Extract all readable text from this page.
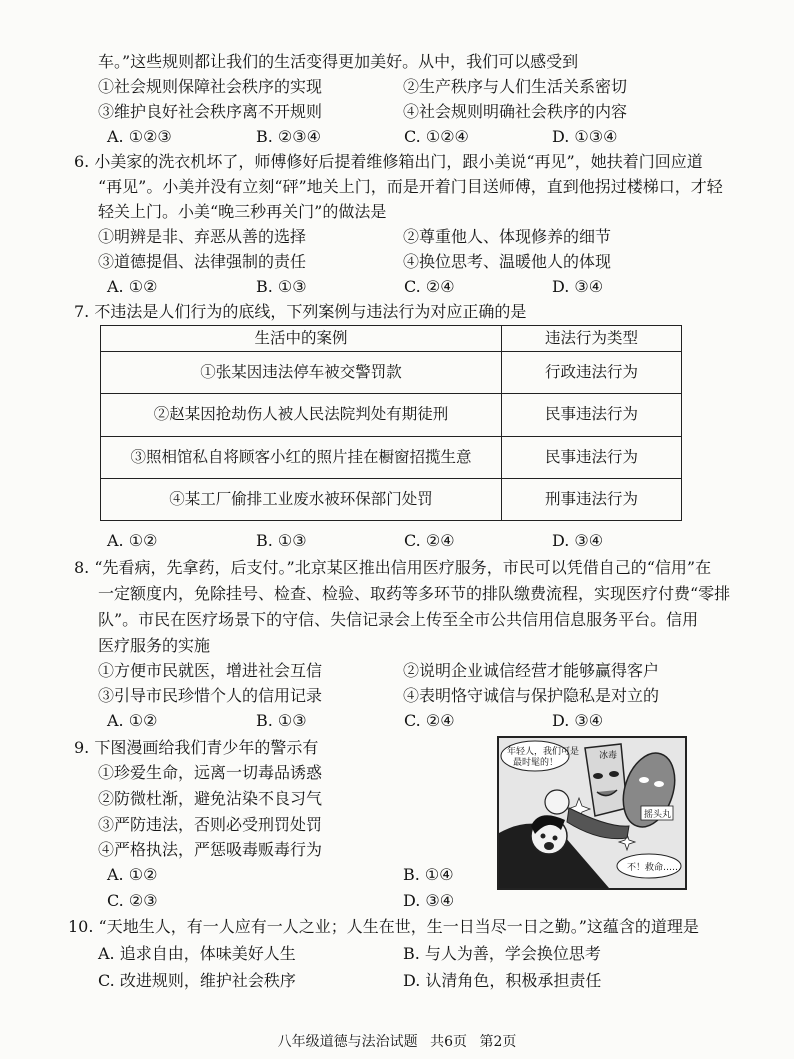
车。”这些规则都让我们的生活变得更加美好。从中，我们可以感受到
①社会规则保障社会秩序的实现	②生产秩序与人们生活关系密切
③维护良好社会秩序离不开规则	④社会规则明确社会秩序的内容
A. ①②③	B. ②③④	C. ①②④	D. ①③④
6. 小美家的洗衣机坏了，师傅修好后提着维修箱出门，跟小美说“再见”，她扶着门回应道
“再见”。小美并没有立刻“砰”地关上门，而是开着门目送师傅，直到他拐过楼梯口，才轻
轻关上门。小美“晚三秒再关门”的做法是
①明辨是非、弃恶从善的选择	②尊重他人、体现修养的细节
③道德提倡、法律强制的责任	④换位思考、温暖他人的体现
A. ①②	B. ①③	C. ②④	D. ③④
7. 不违法是人们行为的底线，下列案例与违法行为对应正确的是
生活中的案例	违法行为类型
①张某因违法停车被交警罚款	行政违法行为
②赵某因抢劫伤人被人民法院判处有期徒刑	民事违法行为
③照相馆私自将顾客小红的照片挂在橱窗招揽生意	民事违法行为
④某工厂偷排工业废水被环保部门处罚	刑事违法行为
A. ①②	B. ①③	C. ②④	D. ③④
8. “先看病，先拿药，后支付。”北京某区推出信用医疗服务，市民可以凭借自己的“信用”在
一定额度内，免除挂号、检查、检验、取药等多环节的排队缴费流程，实现医疗付费“零排
队”。市民在医疗场景下的守信、失信记录会上传至全市公共信用信息服务平台。信用
医疗服务的实施
①方便市民就医，增进社会互信	②说明企业诚信经营才能够赢得客户
③引导市民珍惜个人的信用记录	④表明恪守诚信与保护隐私是对立的
A. ①②	B. ①③	C. ②④	D. ③④
9. 下图漫画给我们青少年的警示有
①珍爱生命，远离一切毒品诱惑
②防微杜渐，避免沾染不良习气
③严防违法，否则必受刑罚处罚
④严格执法，严惩吸毒贩毒行为
A. ①②	B. ①④
C. ②③	D. ③④
年轻人，我们可是
最时髦的！
冰毒
摇头丸
不！救命……
10. “天地生人，有一人应有一人之业；人生在世，生一日当尽一日之勤。”这蕴含的道理是
A. 追求自由，体味美好人生	B. 与人为善，学会换位思考
C. 改进规则，维护社会秩序	D. 认清角色，积极承担责任
八年级道德与法治试题 共6页 第2页
